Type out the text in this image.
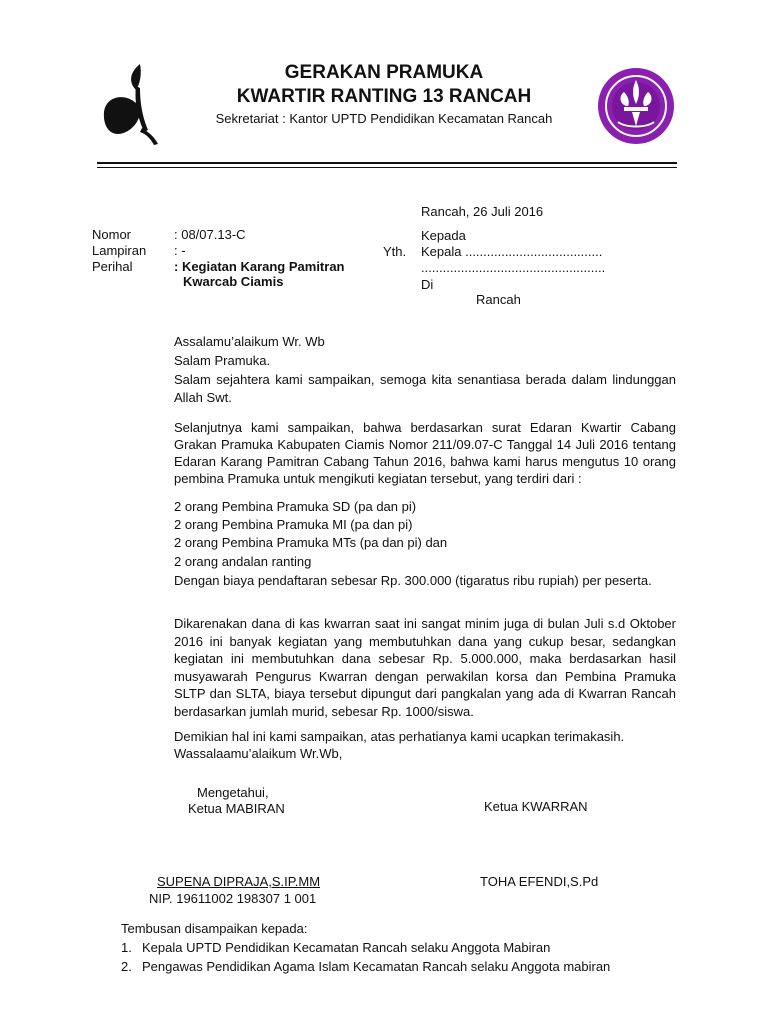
GERAKAN PRAMUKA
KWARTIR RANTING 13 RANCAH
Sekretariat : Kantor UPTD Pendidikan Kecamatan Rancah
Rancah, 26 Juli 2016
Nomor	: 08/07.13-C
Lampiran : -
Perihal	: Kegiatan Karang Pamitran
Kwarcab Ciamis
Yth.
Kepada
Kepala ......................................
...................................................
Di
Rancah
Assalamu’alaikum Wr. Wb
Salam Pramuka.
Salam sejahtera kami sampaikan, semoga kita senantiasa berada dalam lindunggan Allah Swt.
Selanjutnya kami sampaikan, bahwa berdasarkan surat Edaran Kwartir Cabang Grakan Pramuka Kabupaten Ciamis Nomor 211/09.07-C Tanggal 14 Juli 2016 tentang Edaran Karang Pamitran Cabang Tahun 2016, bahwa kami harus mengutus 10 orang pembina Pramuka untuk mengikuti kegiatan tersebut, yang terdiri dari :
2 orang Pembina Pramuka SD (pa dan pi)
2 orang Pembina Pramuka MI (pa dan pi)
2 orang Pembina Pramuka MTs (pa dan pi) dan
2 orang andalan ranting
Dengan biaya pendaftaran sebesar Rp. 300.000 (tigaratus ribu rupiah) per peserta.
Dikarenakan dana di kas kwarran saat ini sangat minim juga di bulan Juli s.d Oktober 2016 ini banyak kegiatan yang membutuhkan dana yang cukup besar, sedangkan kegiatan ini membutuhkan dana sebesar Rp. 5.000.000, maka berdasarkan hasil musyawarah Pengurus Kwarran dengan perwakilan korsa dan Pembina Pramuka SLTP dan SLTA, biaya tersebut dipungut dari pangkalan yang ada di Kwarran Rancah berdasarkan jumlah murid, sebesar Rp. 1000/siswa.
Demikian hal ini kami sampaikan, atas perhatianya kami ucapkan terimakasih.
Wassalaamu’alaikum Wr.Wb,
Mengetahui,
Ketua MABIRAN	Ketua KWARRAN
SUPENA DIPRAJA,S.IP.MM
NIP. 19611002 198307 1 001
TOHA EFENDI,S.Pd
Tembusan disampaikan kepada:
1. Kepala UPTD Pendidikan Kecamatan Rancah selaku Anggota Mabiran
2. Pengawas Pendidikan Agama Islam Kecamatan Rancah selaku Anggota mabiran
